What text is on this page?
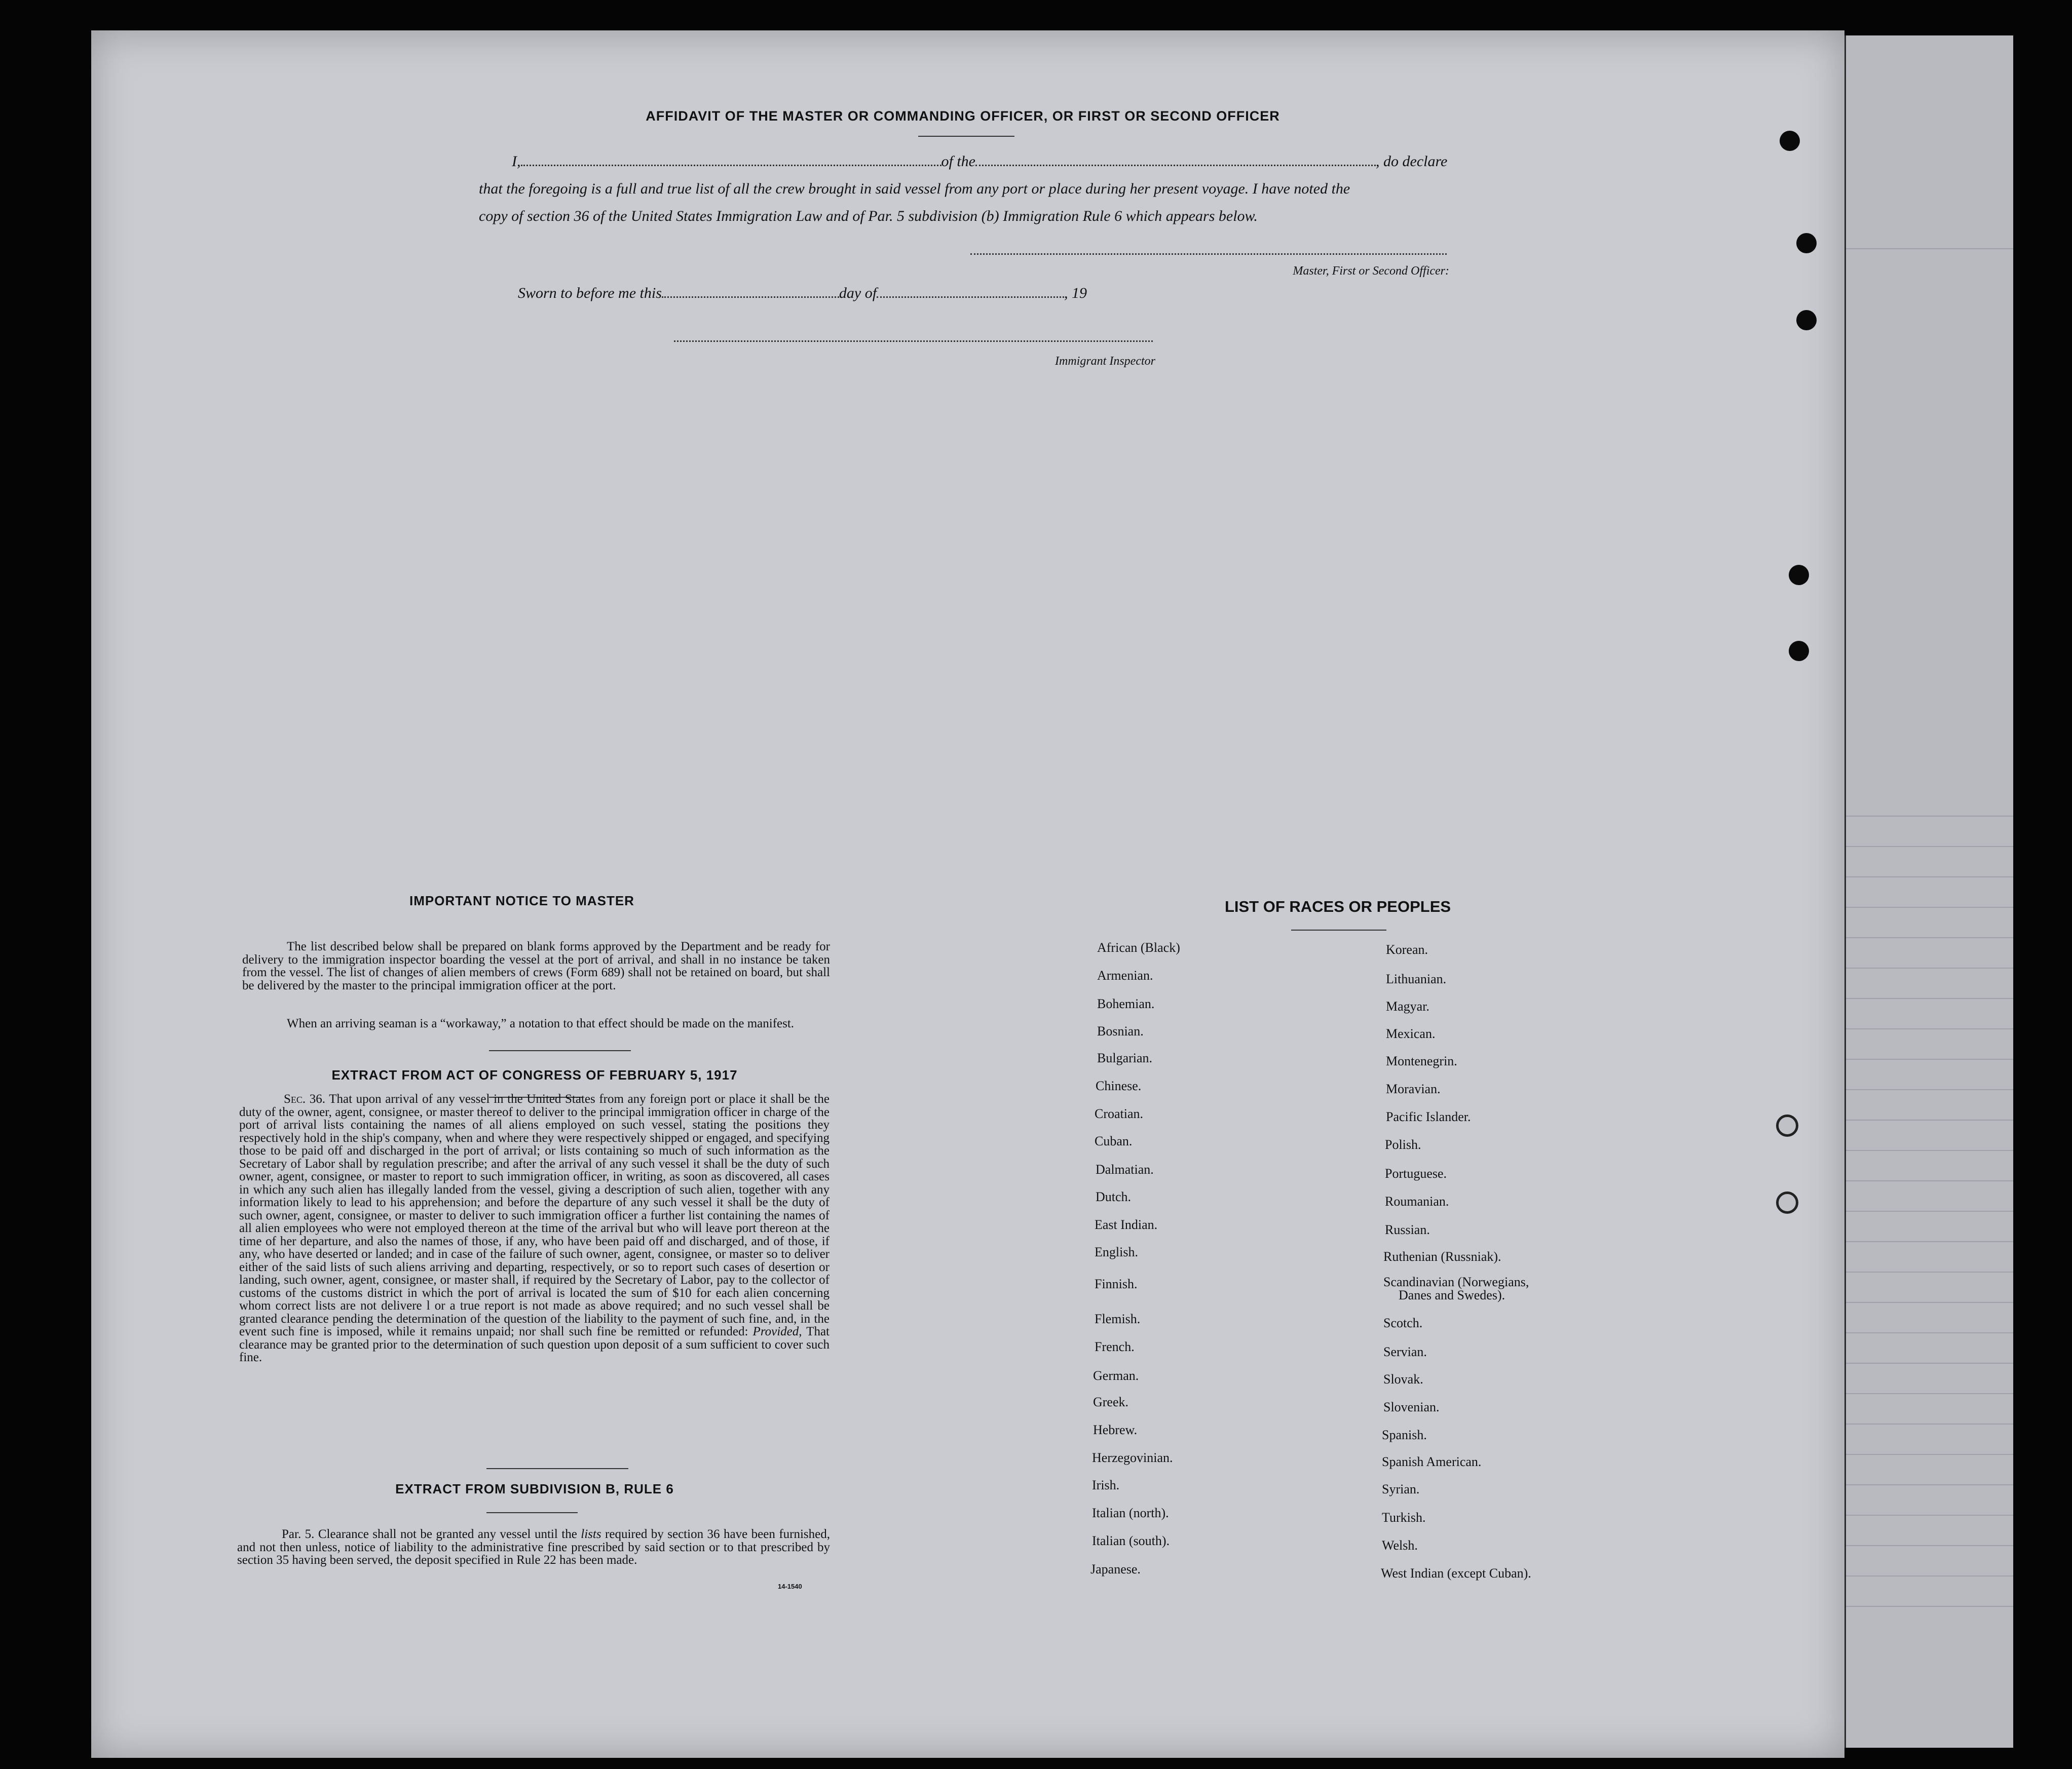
AFFIDAVIT OF THE MASTER OR COMMANDING OFFICER, OR FIRST OR SECOND OFFICER
I,	of the	, do declare
that the foregoing is a full and true list of all the crew brought in said vessel from any port or place during her present voyage. I have noted the
copy of section 36 of the United States Immigration Law and of Par. 5 subdivision (b) Immigration Rule 6 which appears below.
Master, First or Second Officer:
Sworn to before me this	day of	, 19
Immigrant Inspector
IMPORTANT NOTICE TO MASTER
The list described below shall be prepared on blank forms approved by the Department and be ready for delivery to the immigration inspector boarding the vessel at the port of arrival, and shall in no instance be taken from the vessel. The list of changes of alien members of crews (Form 689) shall not be retained on board, but shall be delivered by the master to the principal immigration officer at the port.
When an arriving seaman is a “workaway,” a notation to that effect should be made on the manifest.
EXTRACT FROM ACT OF CONGRESS OF FEBRUARY 5, 1917
Sec. 36. That upon arrival of any vessel in the United States from any foreign port or place it shall be the duty of the owner, agent, consignee, or master thereof to deliver to the principal immigration officer in charge of the port of arrival lists containing the names of all aliens employed on such vessel, stating the positions they respectively hold in the ship's company, when and where they were respectively shipped or engaged, and specifying those to be paid off and discharged in the port of arrival; or lists containing so much of such information as the Secretary of Labor shall by regulation prescribe; and after the arrival of any such vessel it shall be the duty of such owner, agent, consignee, or master to report to such immigration officer, in writing, as soon as discovered, all cases in which any such alien has illegally landed from the vessel, giving a description of such alien, together with any information likely to lead to his apprehension; and before the departure of any such vessel it shall be the duty of such owner, agent, consignee, or master to deliver to such immigration officer a further list containing the names of all alien employees who were not employed thereon at the time of the arrival but who will leave port thereon at the time of her departure, and also the names of those, if any, who have been paid off and discharged, and of those, if any, who have deserted or landed; and in case of the failure of such owner, agent, consignee, or master so to deliver either of the said lists of such aliens arriving and departing, respectively, or so to report such cases of desertion or landing, such owner, agent, consignee, or master shall, if required by the Secretary of Labor, pay to the collector of customs of the customs district in which the port of arrival is located the sum of $10 for each alien concerning whom correct lists are not delivere l or a true report is not made as above required; and no such vessel shall be granted clearance pending the determination of the question of the liability to the payment of such fine, and, in the event such fine is imposed, while it remains unpaid; nor shall such fine be remitted or refunded: Provided, That clearance may be granted prior to the determination of such question upon deposit of a sum sufficient to cover such fine.
EXTRACT FROM SUBDIVISION B, RULE 6
Par. 5. Clearance shall not be granted any vessel until the lists required by section 36 have been furnished, and not then unless, notice of liability to the administrative fine prescribed by said section or to that prescribed by section 35 having been served, the deposit specified in Rule 22 has been made.
14-1540
LIST OF RACES OR PEOPLES
African (Black)
Armenian.
Bohemian.
Bosnian.
Bulgarian.
Chinese.
Croatian.
Cuban.
Dalmatian.
Dutch.
East Indian.
English.
Finnish.
Flemish.
French.
German.
Greek.
Hebrew.
Herzegovinian.
Irish.
Italian (north).
Italian (south).
Japanese.
Korean.
Lithuanian.
Magyar.
Mexican.
Montenegrin.
Moravian.
Pacific Islander.
Polish.
Portuguese.
Roumanian.
Russian.
Ruthenian (Russniak).
Scandinavian (Norwegians,
Danes and Swedes).
Scotch.
Servian.
Slovak.
Slovenian.
Spanish.
Spanish American.
Syrian.
Turkish.
Welsh.
West Indian (except Cuban).
